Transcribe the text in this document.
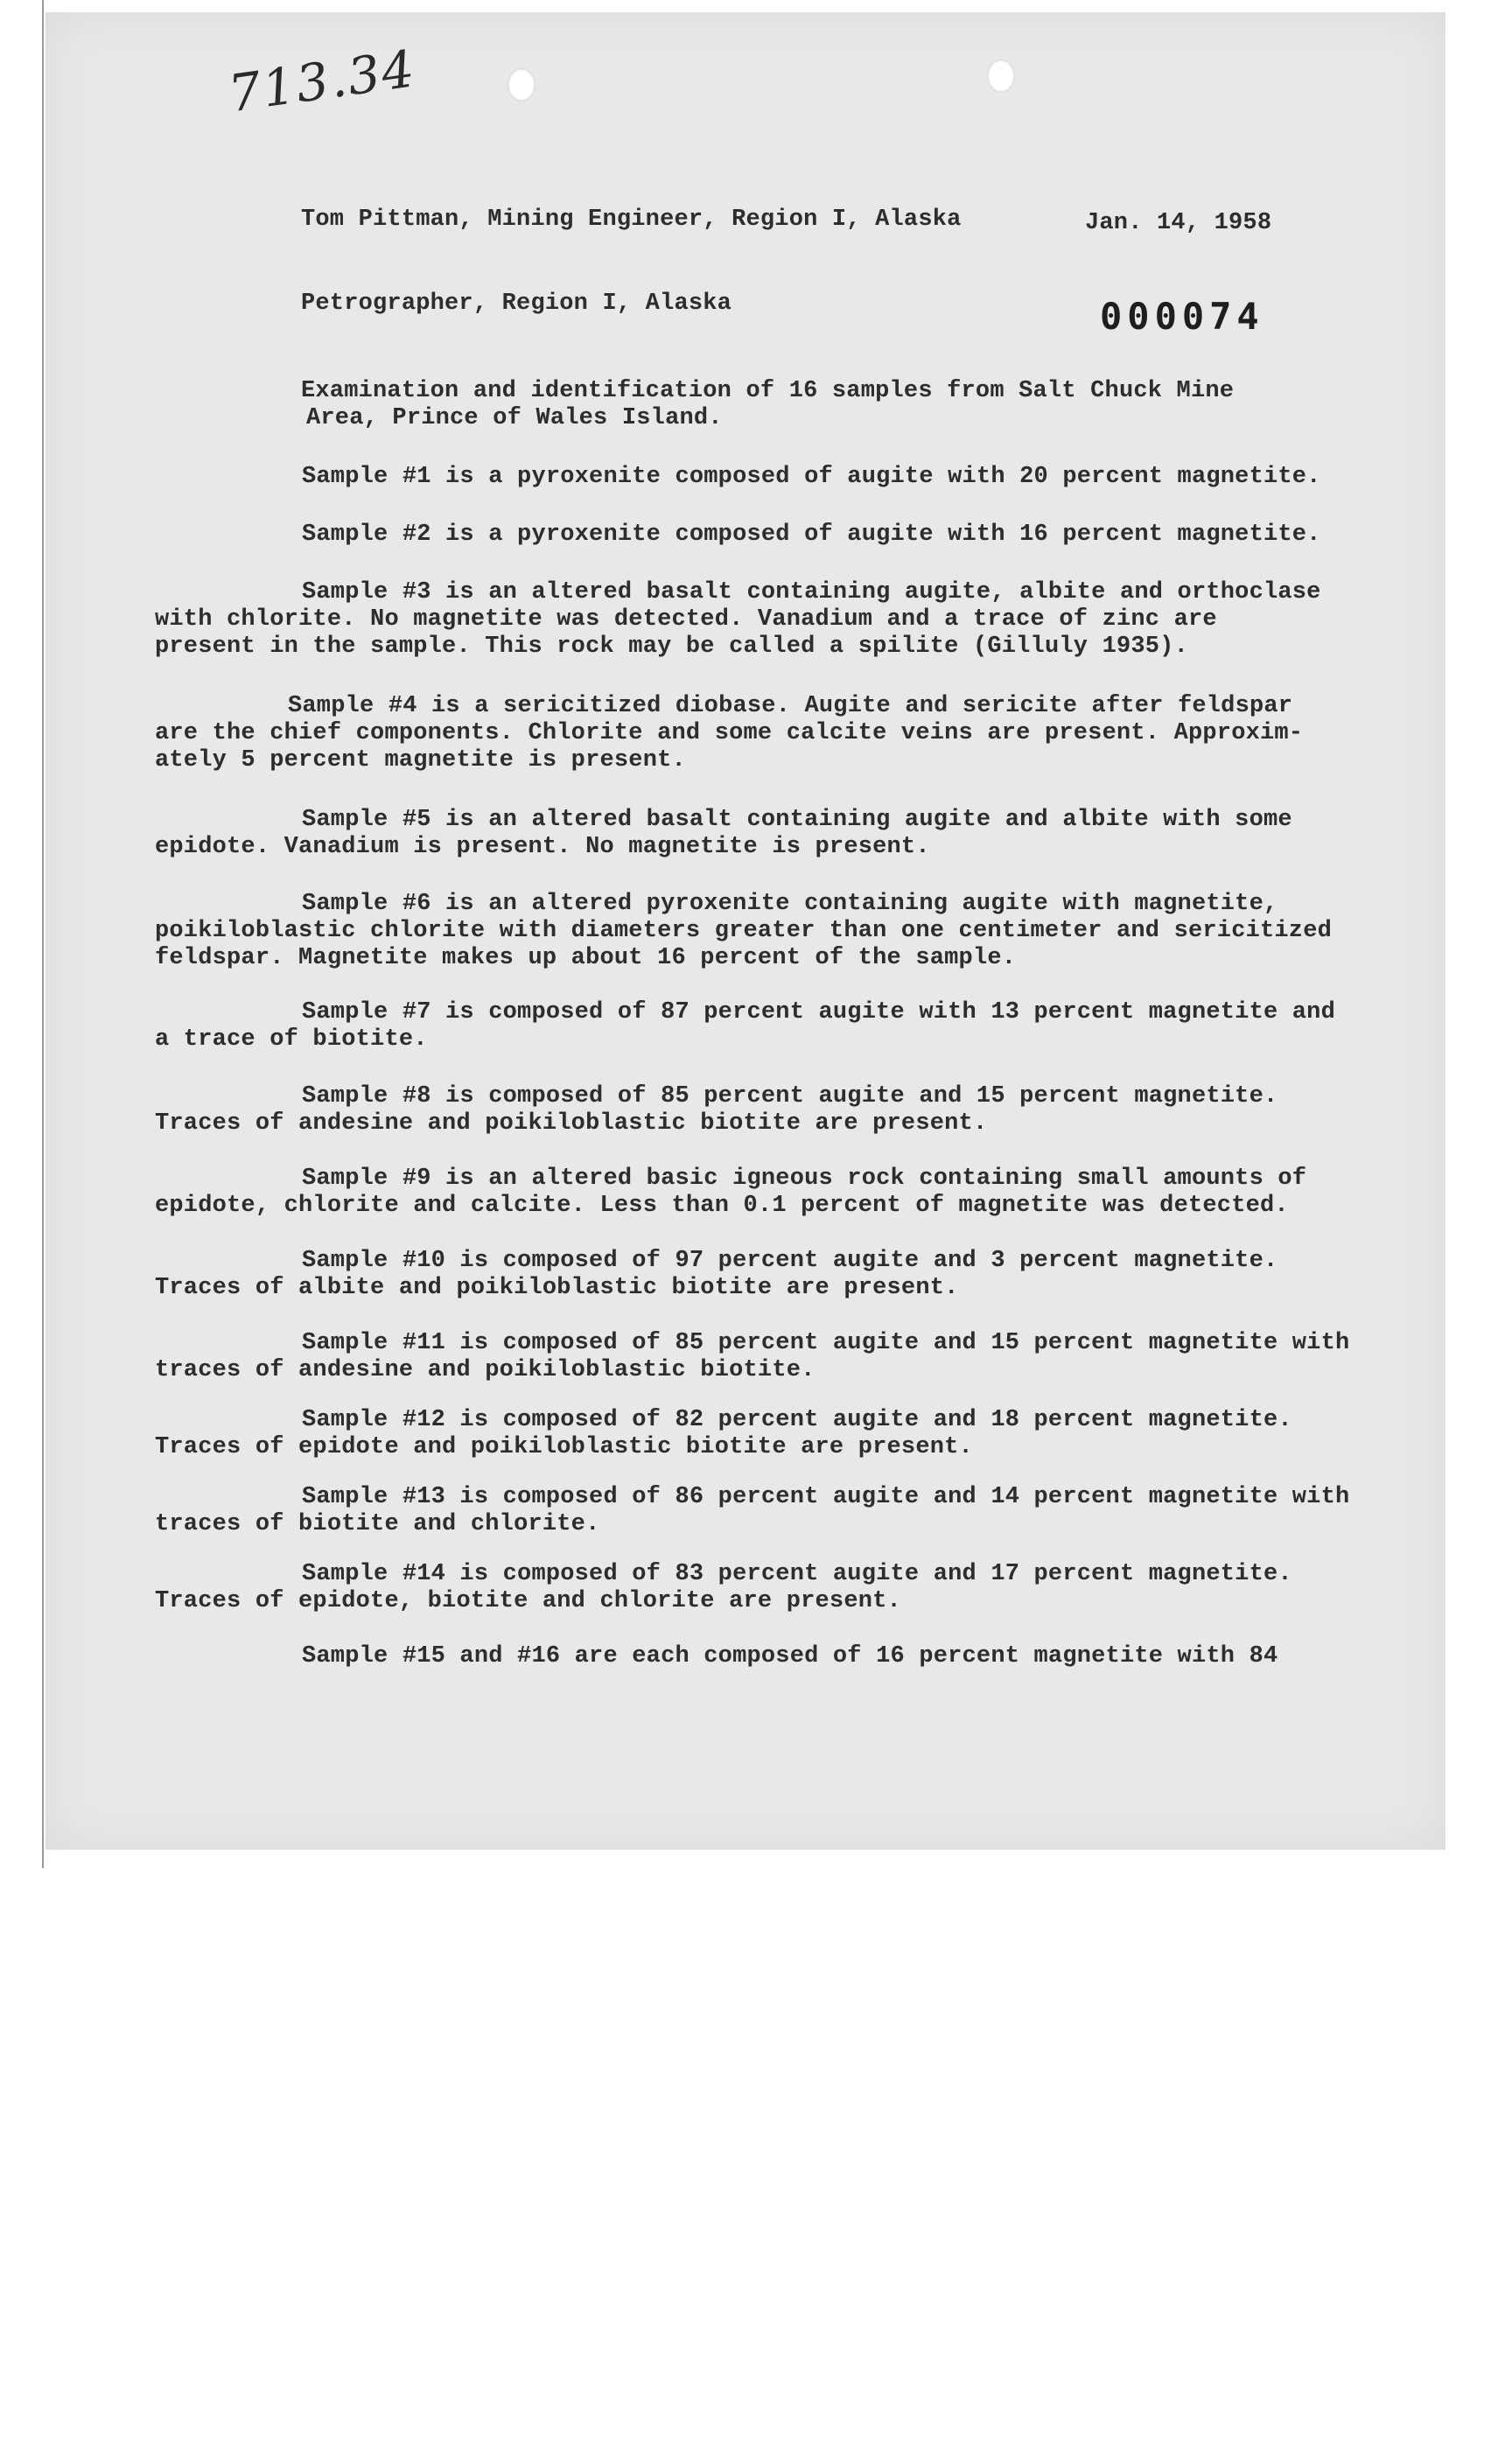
713.34
Tom Pittman, Mining Engineer, Region I, Alaska	Jan. 14, 1958
Petrographer, Region I, Alaska	000074
Examination and identification of 16 samples from Salt Chuck Mine
Area, Prince of Wales Island.
Sample #1 is a pyroxenite composed of augite with 20 percent magnetite.
Sample #2 is a pyroxenite composed of augite with 16 percent magnetite.
Sample #3 is an altered basalt containing augite, albite and orthoclase
with chlorite. No magnetite was detected. Vanadium and a trace of zinc are
present in the sample. This rock may be called a spilite (Gilluly 1935).
Sample #4 is a sericitized diobase. Augite and sericite after feldspar
are the chief components. Chlorite and some calcite veins are present. Approxim-
ately 5 percent magnetite is present.
Sample #5 is an altered basalt containing augite and albite with some
epidote. Vanadium is present. No magnetite is present.
Sample #6 is an altered pyroxenite containing augite with magnetite,
poikiloblastic chlorite with diameters greater than one centimeter and sericitized
feldspar. Magnetite makes up about 16 percent of the sample.
Sample #7 is composed of 87 percent augite with 13 percent magnetite and
a trace of biotite.
Sample #8 is composed of 85 percent augite and 15 percent magnetite.
Traces of andesine and poikiloblastic biotite are present.
Sample #9 is an altered basic igneous rock containing small amounts of
epidote, chlorite and calcite. Less than 0.1 percent of magnetite was detected.
Sample #10 is composed of 97 percent augite and 3 percent magnetite.
Traces of albite and poikiloblastic biotite are present.
Sample #11 is composed of 85 percent augite and 15 percent magnetite with
traces of andesine and poikiloblastic biotite.
Sample #12 is composed of 82 percent augite and 18 percent magnetite.
Traces of epidote and poikiloblastic biotite are present.
Sample #13 is composed of 86 percent augite and 14 percent magnetite with
traces of biotite and chlorite.
Sample #14 is composed of 83 percent augite and 17 percent magnetite.
Traces of epidote, biotite and chlorite are present.
Sample #15 and #16 are each composed of 16 percent magnetite with 84
